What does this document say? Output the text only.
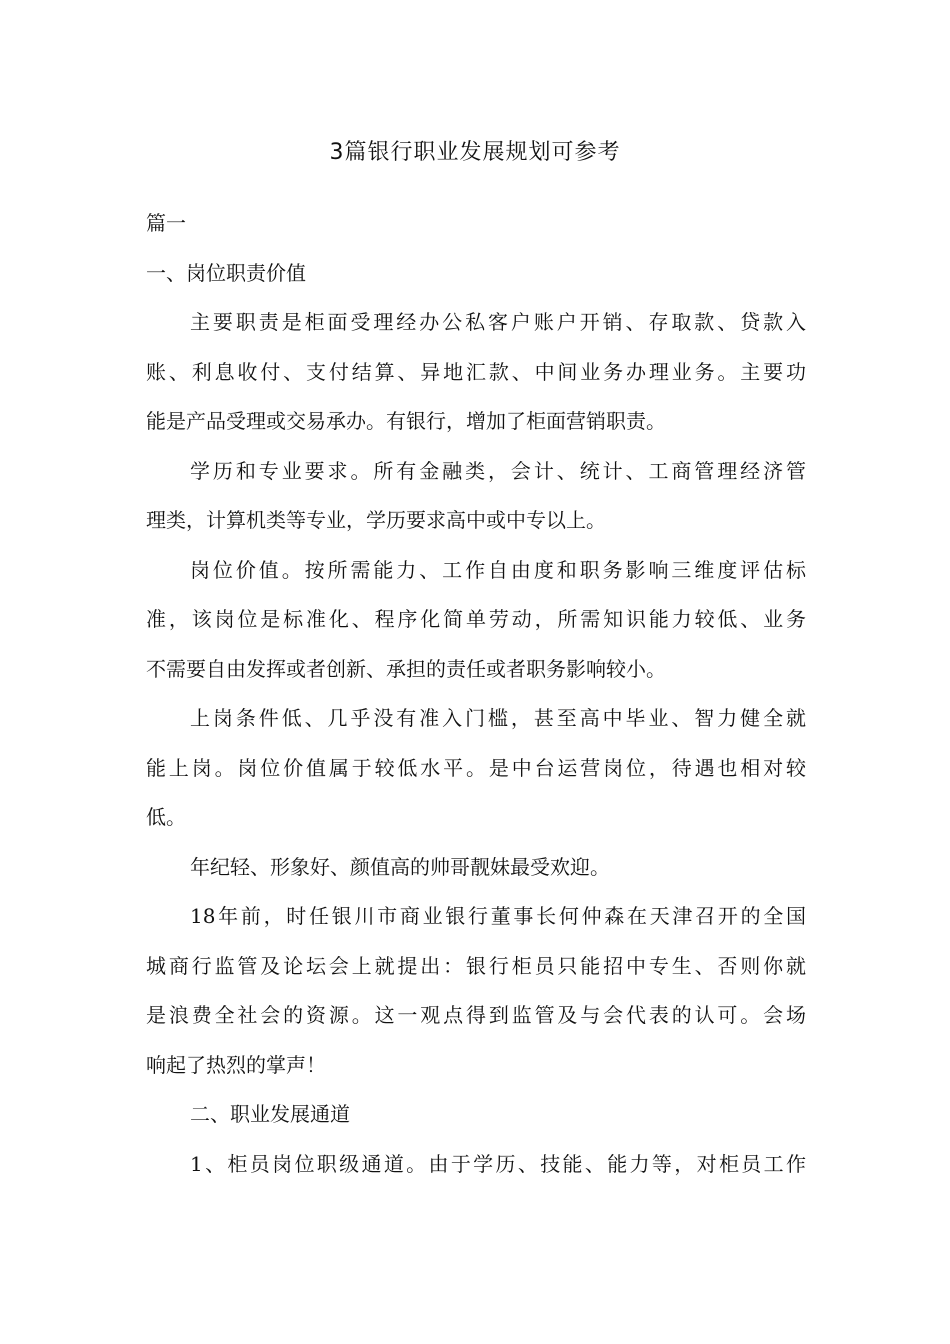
3篇银行职业发展规划可参考
篇一
一、岗位职责价值
主要职责是柜面受理经办公私客户账户开销、存取款、贷款入
账、利息收付、支付结算、异地汇款、中间业务办理业务。主要功
能是产品受理或交易承办。有银行，增加了柜面营销职责。
学历和专业要求。所有金融类，会计、统计、工商管理经济管
理类，计算机类等专业，学历要求高中或中专以上。
岗位价值。按所需能力、工作自由度和职务影响三维度评估标
准，该岗位是标准化、程序化简单劳动，所需知识能力较低、业务
不需要自由发挥或者创新、承担的责任或者职务影响较小。
上岗条件低、几乎没有准入门槛，甚至高中毕业、智力健全就
能上岗。岗位价值属于较低水平。是中台运营岗位，待遇也相对较
低。
年纪轻、形象好、颜值高的帅哥靓妹最受欢迎。
18年前，时任银川市商业银行董事长何仲森在天津召开的全国
城商行监管及论坛会上就提出：银行柜员只能招中专生、否则你就
是浪费全社会的资源。这一观点得到监管及与会代表的认可。会场
响起了热烈的掌声！
二、职业发展通道
1、柜员岗位职级通道。由于学历、技能、能力等，对柜员工作
